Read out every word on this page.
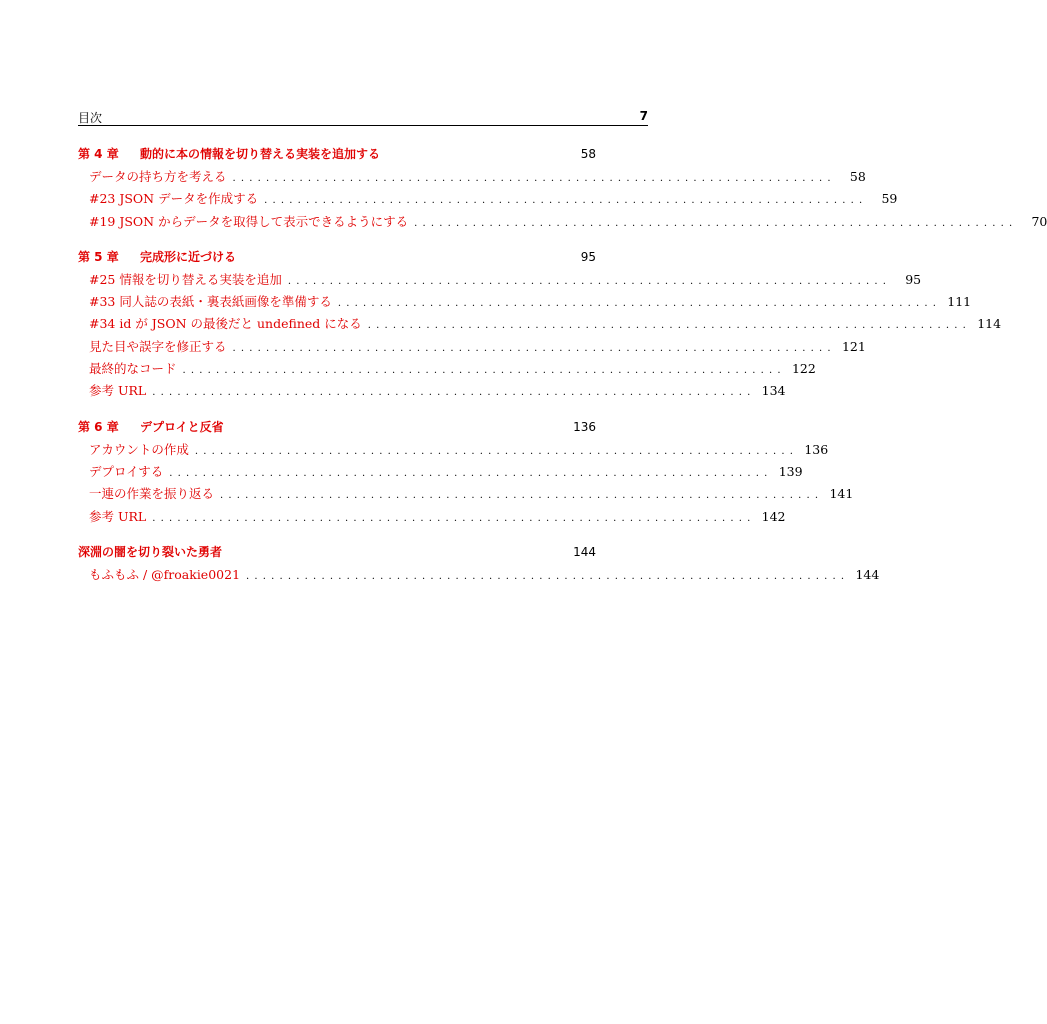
目次	7
第 4 章	動的に本の情報を切り替える実装を追加する	58
データの持ち方を考える ........................................................................	58
#23 JSON データを作成する ........................................................................	59
#19 JSON からデータを取得して表示できるようにする ........................................................................	70
第 5 章	完成形に近づける	95
#25 情報を切り替える実装を追加 ........................................................................	95
#33 同人誌の表紙・裏表紙画像を準備する ........................................................................ 111
#34 id が JSON の最後だと undefined になる ........................................................................ 114
見た目や誤字を修正する ........................................................................ 121
最終的なコード ........................................................................ 122
参考 URL ........................................................................ 134
第 6 章	デプロイと反省	136
アカウントの作成 ........................................................................ 136
デプロイする ........................................................................ 139
一連の作業を振り返る ........................................................................ 141
参考 URL ........................................................................ 142
深淵の闇を切り裂いた勇者	144
もふもふ / @froakie0021 ........................................................................ 144
